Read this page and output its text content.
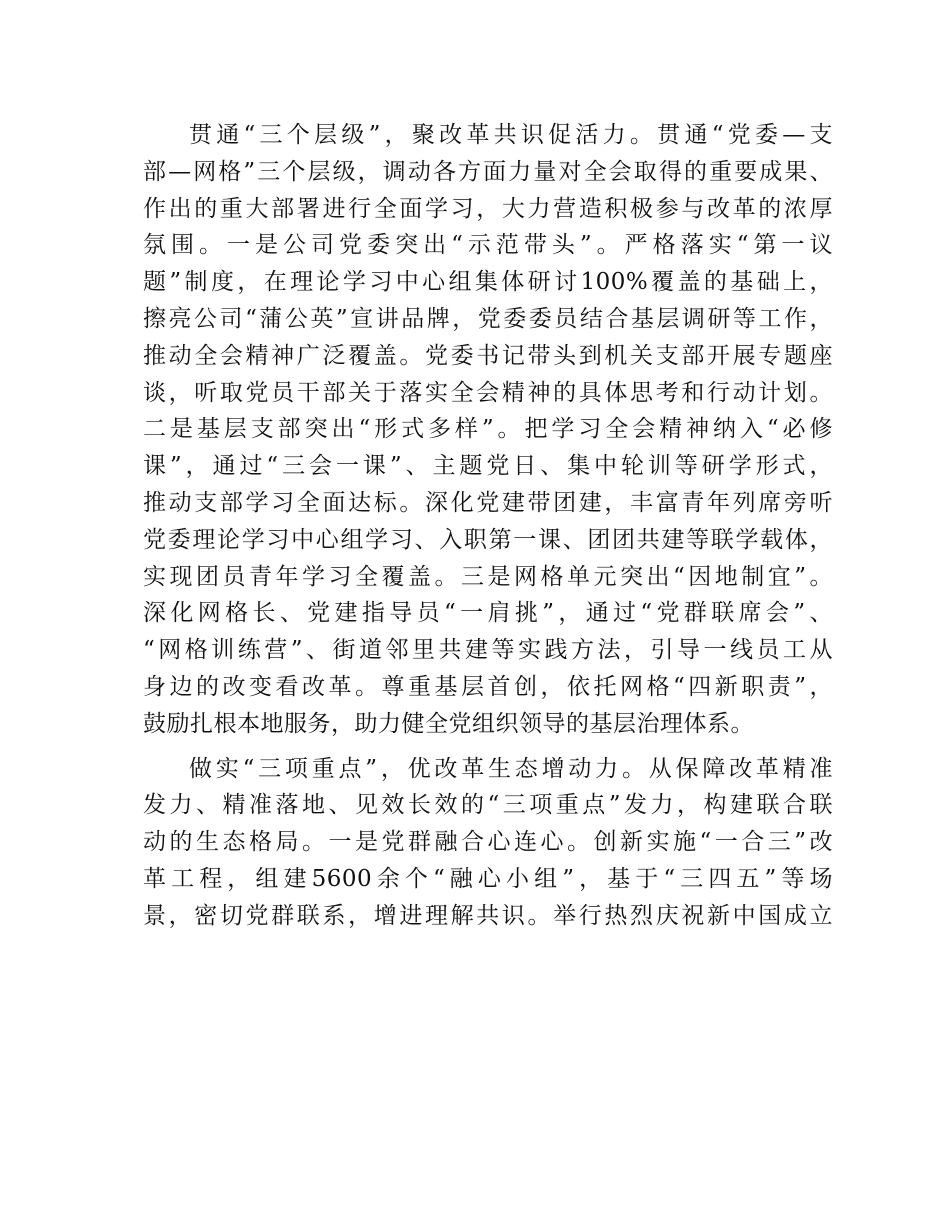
贯通“三个层级”，聚改革共识促活力。贯通“党委—支
部—网格”三个层级，调动各方面力量对全会取得的重要成果、
作出的重大部署进行全面学习，大力营造积极参与改革的浓厚
氛围。一是公司党委突出“示范带头”。严格落实“第一议
题”制度，在理论学习中心组集体研讨100%覆盖的基础上，
擦亮公司“蒲公英”宣讲品牌，党委委员结合基层调研等工作，
推动全会精神广泛覆盖。党委书记带头到机关支部开展专题座
谈，听取党员干部关于落实全会精神的具体思考和行动计划。
二是基层支部突出“形式多样”。把学习全会精神纳入“必修
课”，通过“三会一课”、主题党日、集中轮训等研学形式，
推动支部学习全面达标。深化党建带团建，丰富青年列席旁听
党委理论学习中心组学习、入职第一课、团团共建等联学载体，
实现团员青年学习全覆盖。三是网格单元突出“因地制宜”。
深化网格长、党建指导员“一肩挑”，通过“党群联席会”、
“网格训练营”、街道邻里共建等实践方法，引导一线员工从
身边的改变看改革。尊重基层首创，依托网格“四新职责”，
鼓励扎根本地服务，助力健全党组织领导的基层治理体系。
做实“三项重点”，优改革生态增动力。从保障改革精准
发力、精准落地、见效长效的“三项重点”发力，构建联合联
动的生态格局。一是党群融合心连心。创新实施“一合三”改
革工程，组建5600余个“融心小组”，基于“三四五”等场
景，密切党群联系，增进理解共识。举行热烈庆祝新中国成立
